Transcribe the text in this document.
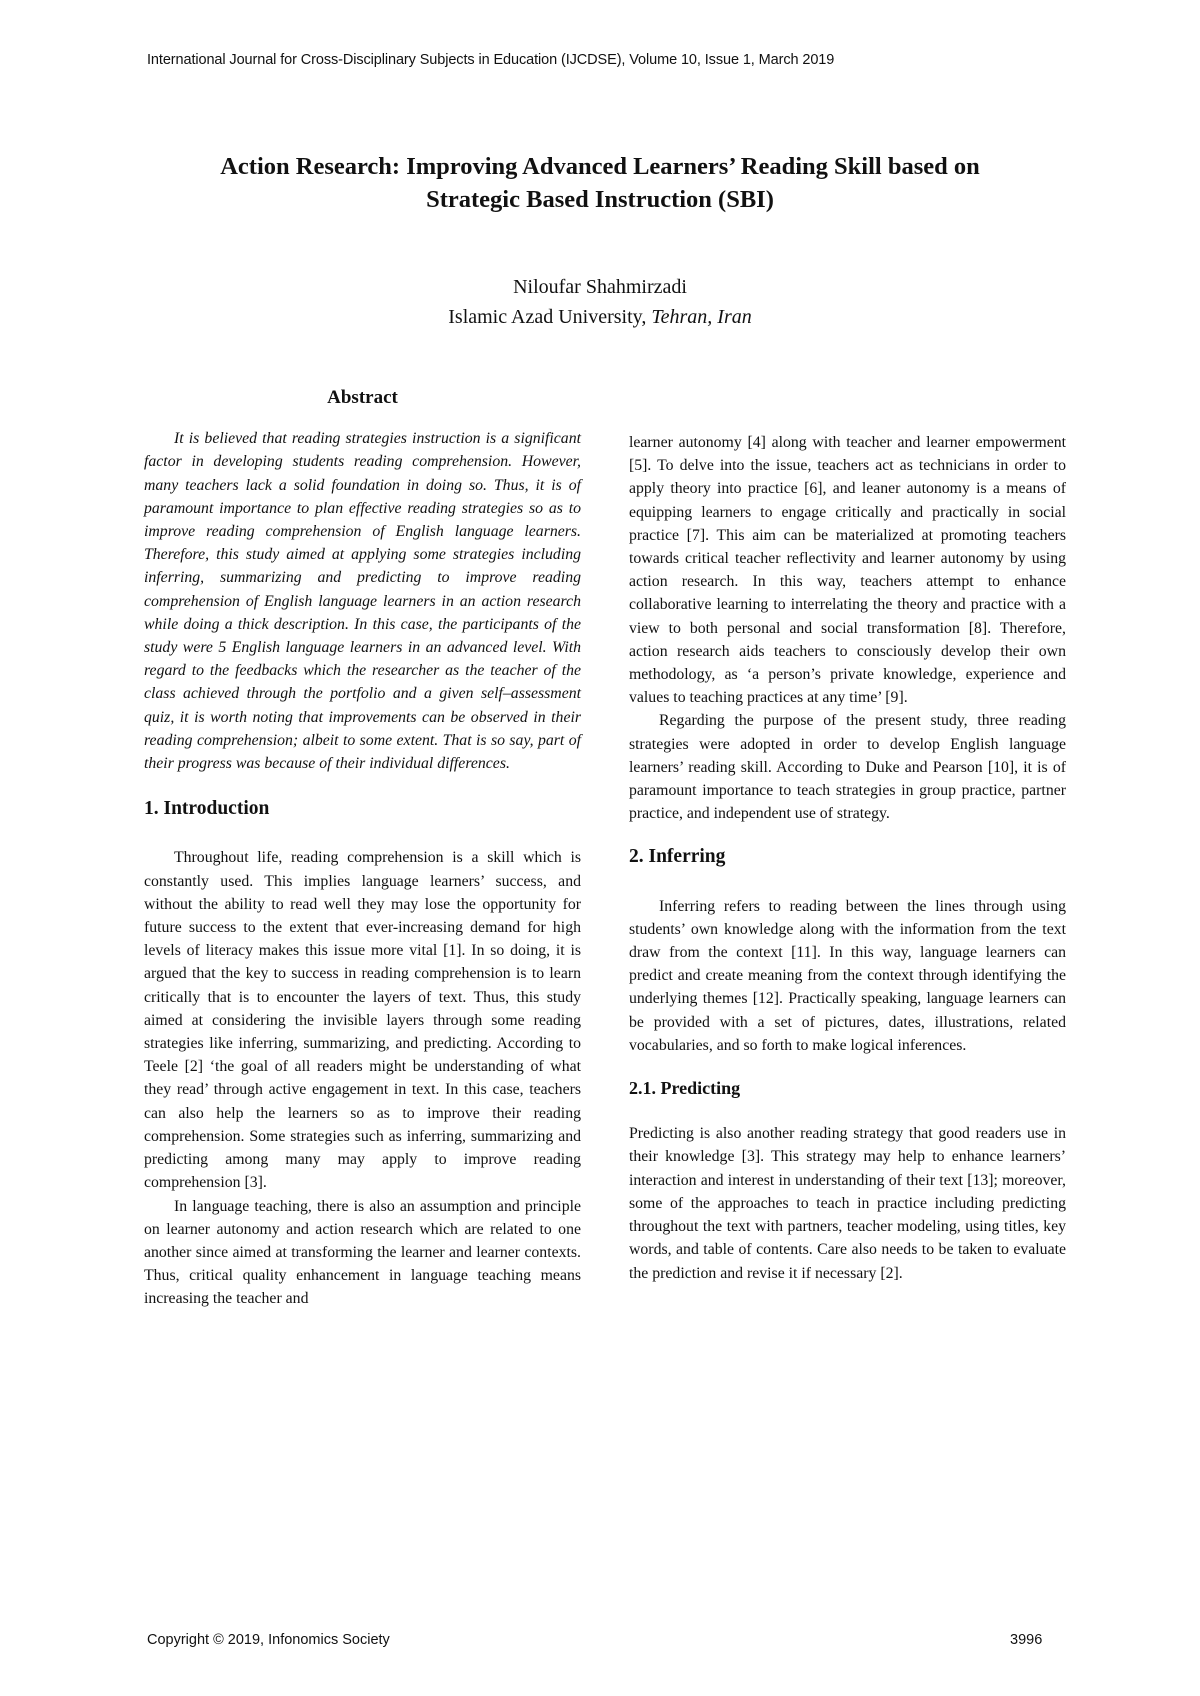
International Journal for Cross-Disciplinary Subjects in Education (IJCDSE), Volume 10, Issue 1, March 2019
Action Research: Improving Advanced Learners’ Reading Skill based on
Strategic Based Instruction (SBI)
Niloufar Shahmirzadi
Islamic Azad University, Tehran, Iran
Abstract

It is believed that reading strategies instruction is a significant factor in developing students reading comprehension. However, many teachers lack a solid foundation in doing so. Thus, it is of paramount importance to plan effective reading strategies so as to improve reading comprehension of English language learners. Therefore, this study aimed at applying some strategies including inferring, summarizing and predicting to improve reading comprehension of English language learners in an action research while doing a thick description. In this case, the participants of the study were 5 English language learners in an advanced level. With regard to the feedbacks which the researcher as the teacher of the class achieved through the portfolio and a given self–assessment quiz, it is worth noting that improvements can be observed in their reading comprehension; albeit to some extent. That is so say, part of their progress was because of their individual differences.

1. Introduction

Throughout life, reading comprehension is a skill which is constantly used. This implies language learners’ success, and without the ability to read well they may lose the opportunity for future success to the extent that ever-increasing demand for high levels of literacy makes this issue more vital [1]. In so doing, it is argued that the key to success in reading comprehension is to learn critically that is to encounter the layers of text. Thus, this study aimed at considering the invisible layers through some reading strategies like inferring, summarizing, and predicting. According to Teele [2] ‘the goal of all readers might be understanding of what they read’ through active engagement in text. In this case, teachers can also help the learners so as to improve their reading comprehension. Some strategies such as inferring, summarizing and predicting among many may apply to improve reading comprehension [3].

In language teaching, there is also an assumption and principle on learner autonomy and action research which are related to one another since aimed at transforming the learner and learner contexts. Thus, critical quality enhancement in language teaching means increasing the teacher and

learner autonomy [4] along with teacher and learner empowerment [5]. To delve into the issue, teachers act as technicians in order to apply theory into practice [6], and leaner autonomy is a means of equipping learners to engage critically and practically in social practice [7]. This aim can be materialized at promoting teachers towards critical teacher reflectivity and learner autonomy by using action research. In this way, teachers attempt to enhance collaborative learning to interrelating the theory and practice with a view to both personal and social transformation [8]. Therefore, action research aids teachers to consciously develop their own methodology, as ‘a person’s private knowledge, experience and values to teaching practices at any time’ [9].

Regarding the purpose of the present study, three reading strategies were adopted in order to develop English language learners’ reading skill. According to Duke and Pearson [10], it is of paramount importance to teach strategies in group practice, partner practice, and independent use of strategy.

2. Inferring

Inferring refers to reading between the lines through using students’ own knowledge along with the information from the text draw from the context [11]. In this way, language learners can predict and create meaning from the context through identifying the underlying themes [12]. Practically speaking, language learners can be provided with a set of pictures, dates, illustrations, related vocabularies, and so forth to make logical inferences.

2.1. Predicting

Predicting is also another reading strategy that good readers use in their knowledge [3]. This strategy may help to enhance learners’ interaction and interest in understanding of their text [13]; moreover, some of the approaches to teach in practice including predicting throughout the text with partners, teacher modeling, using titles, key words, and table of contents. Care also needs to be taken to evaluate the prediction and revise it if necessary [2].

Copyright © 2019, Infonomics Society	3996
